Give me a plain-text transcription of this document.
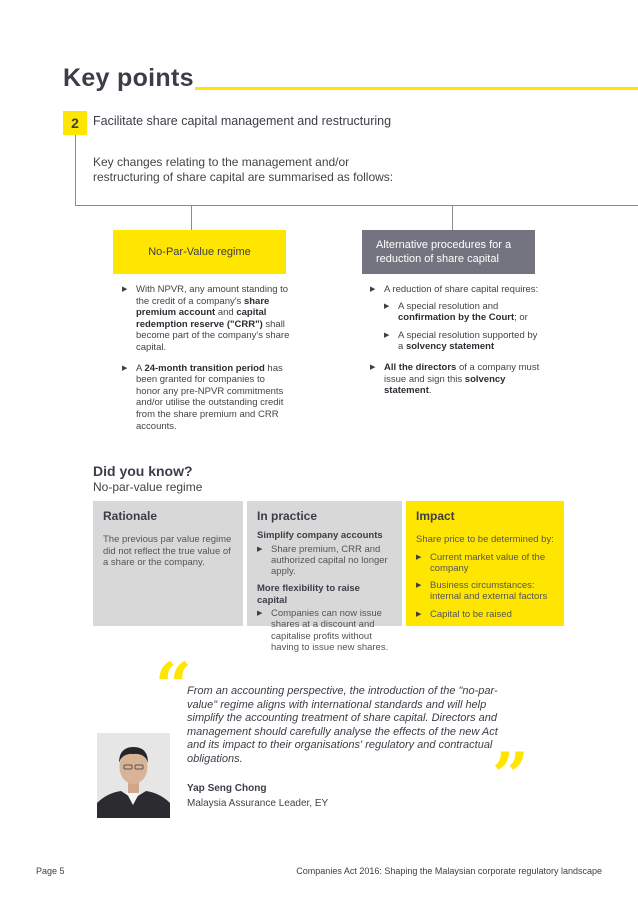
Key points
2	Facilitate share capital management and restructuring
Key changes relating to the management and/or restructuring of share capital are summarised as follows:
No-Par-Value regime
Alternative procedures for a reduction of share capital
▶ With NPVR, any amount standing to the credit of a company's share premium account and capital redemption reserve ("CRR") shall become part of the company's share capital.
▶ A 24-month transition period has been granted for companies to honor any pre-NPVR commitments and/or utilise the outstanding credit from the share premium and CRR accounts.
▶ A reduction of share capital requires:
▶ A special resolution and confirmation by the Court; or
▶ A special resolution supported by a solvency statement
▶ All the directors of a company must issue and sign this solvency statement.
Did you know?
No-par-value regime
Rationale
The previous par value regime did not reflect the true value of a share or the company.
In practice
Simplify company accounts
▶ Share premium, CRR and authorized capital no longer apply.
More flexibility to raise capital
▶ Companies can now issue shares at a discount and capitalise profits without having to issue new shares.
Impact
Share price to be determined by:
▶ Current market value of the company
▶ Business circumstances: internal and external factors
▶ Capital to be raised
“
From an accounting perspective, the introduction of the "no-par-value" regime aligns with international standards and will help simplify the accounting treatment of share capital. Directors and management should carefully analyse the effects of the new Act and its impact to their organisations' regulatory and contractual obligations.	”
Yap Seng Chong
Malaysia Assurance Leader, EY
Page 5	Companies Act 2016: Shaping the Malaysian corporate regulatory landscape
